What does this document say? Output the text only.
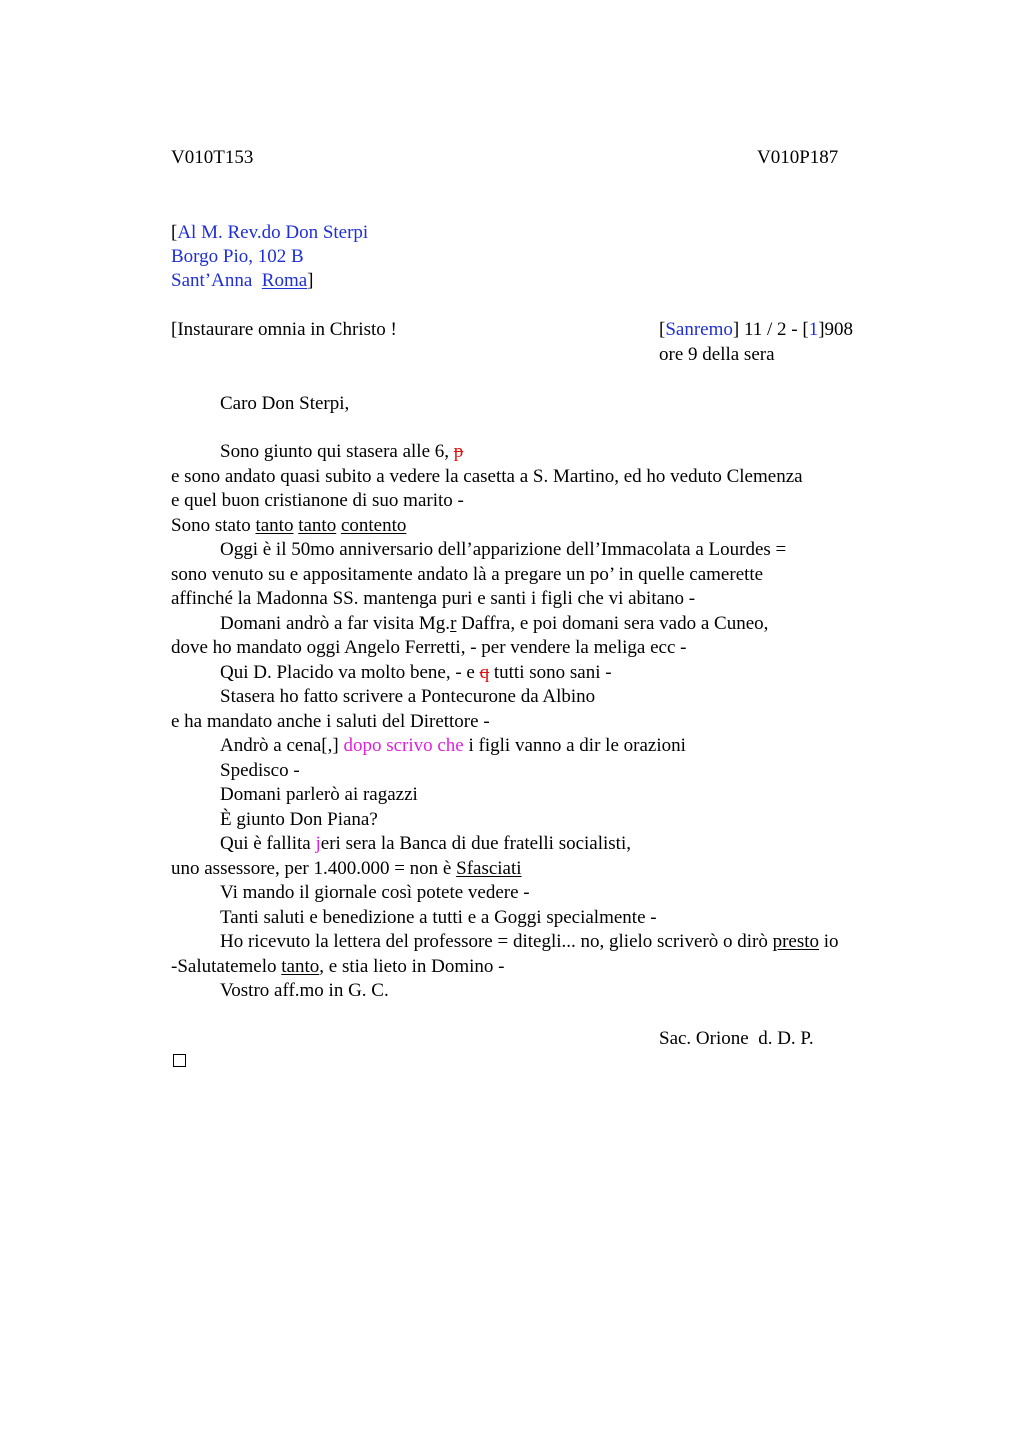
V010T153	V010P187
[Al M. Rev.do Don Sterpi
Borgo Pio, 102 B
Sant’Anna  Roma]
[Instaurare omnia in Christo !	[Sanremo] 11 / 2 - [1]908
ore 9 della sera
Caro Don Sterpi,
Sono giunto qui stasera alle 6, p
e sono andato quasi subito a vedere la casetta a S. Martino, ed ho veduto Clemenza
e quel buon cristianone di suo marito -
Sono stato tanto tanto contento
Oggi è il 50mo anniversario dell’apparizione dell’Immacolata a Lourdes =
sono venuto su e appositamente andato là a pregare un po’ in quelle camerette
affinché la Madonna SS. mantenga puri e santi i figli che vi abitano -
Domani andrò a far visita Mg.r Daffra, e poi domani sera vado a Cuneo,
dove ho mandato oggi Angelo Ferretti, - per vendere la meliga ecc -
Qui D. Placido va molto bene, - e q tutti sono sani -
Stasera ho fatto scrivere a Pontecurone da Albino
e ha mandato anche i saluti del Direttore -
Andrò a cena[,] dopo scrivo che i figli vanno a dir le orazioni
Spedisco -
Domani parlerò ai ragazzi
È giunto Don Piana?
Qui è fallita jeri sera la Banca di due fratelli socialisti,
uno assessore, per 1.400.000 = non è Sfasciati
Vi mando il giornale così potete vedere -
Tanti saluti e benedizione a tutti e a Goggi specialmente -
Ho ricevuto la lettera del professore = ditegli... no, glielo scriverò o dirò presto io
-Salutatemelo tanto, e stia lieto in Domino -
Vostro aff.mo in G. C.
Sac. Orione  d. D. P.
